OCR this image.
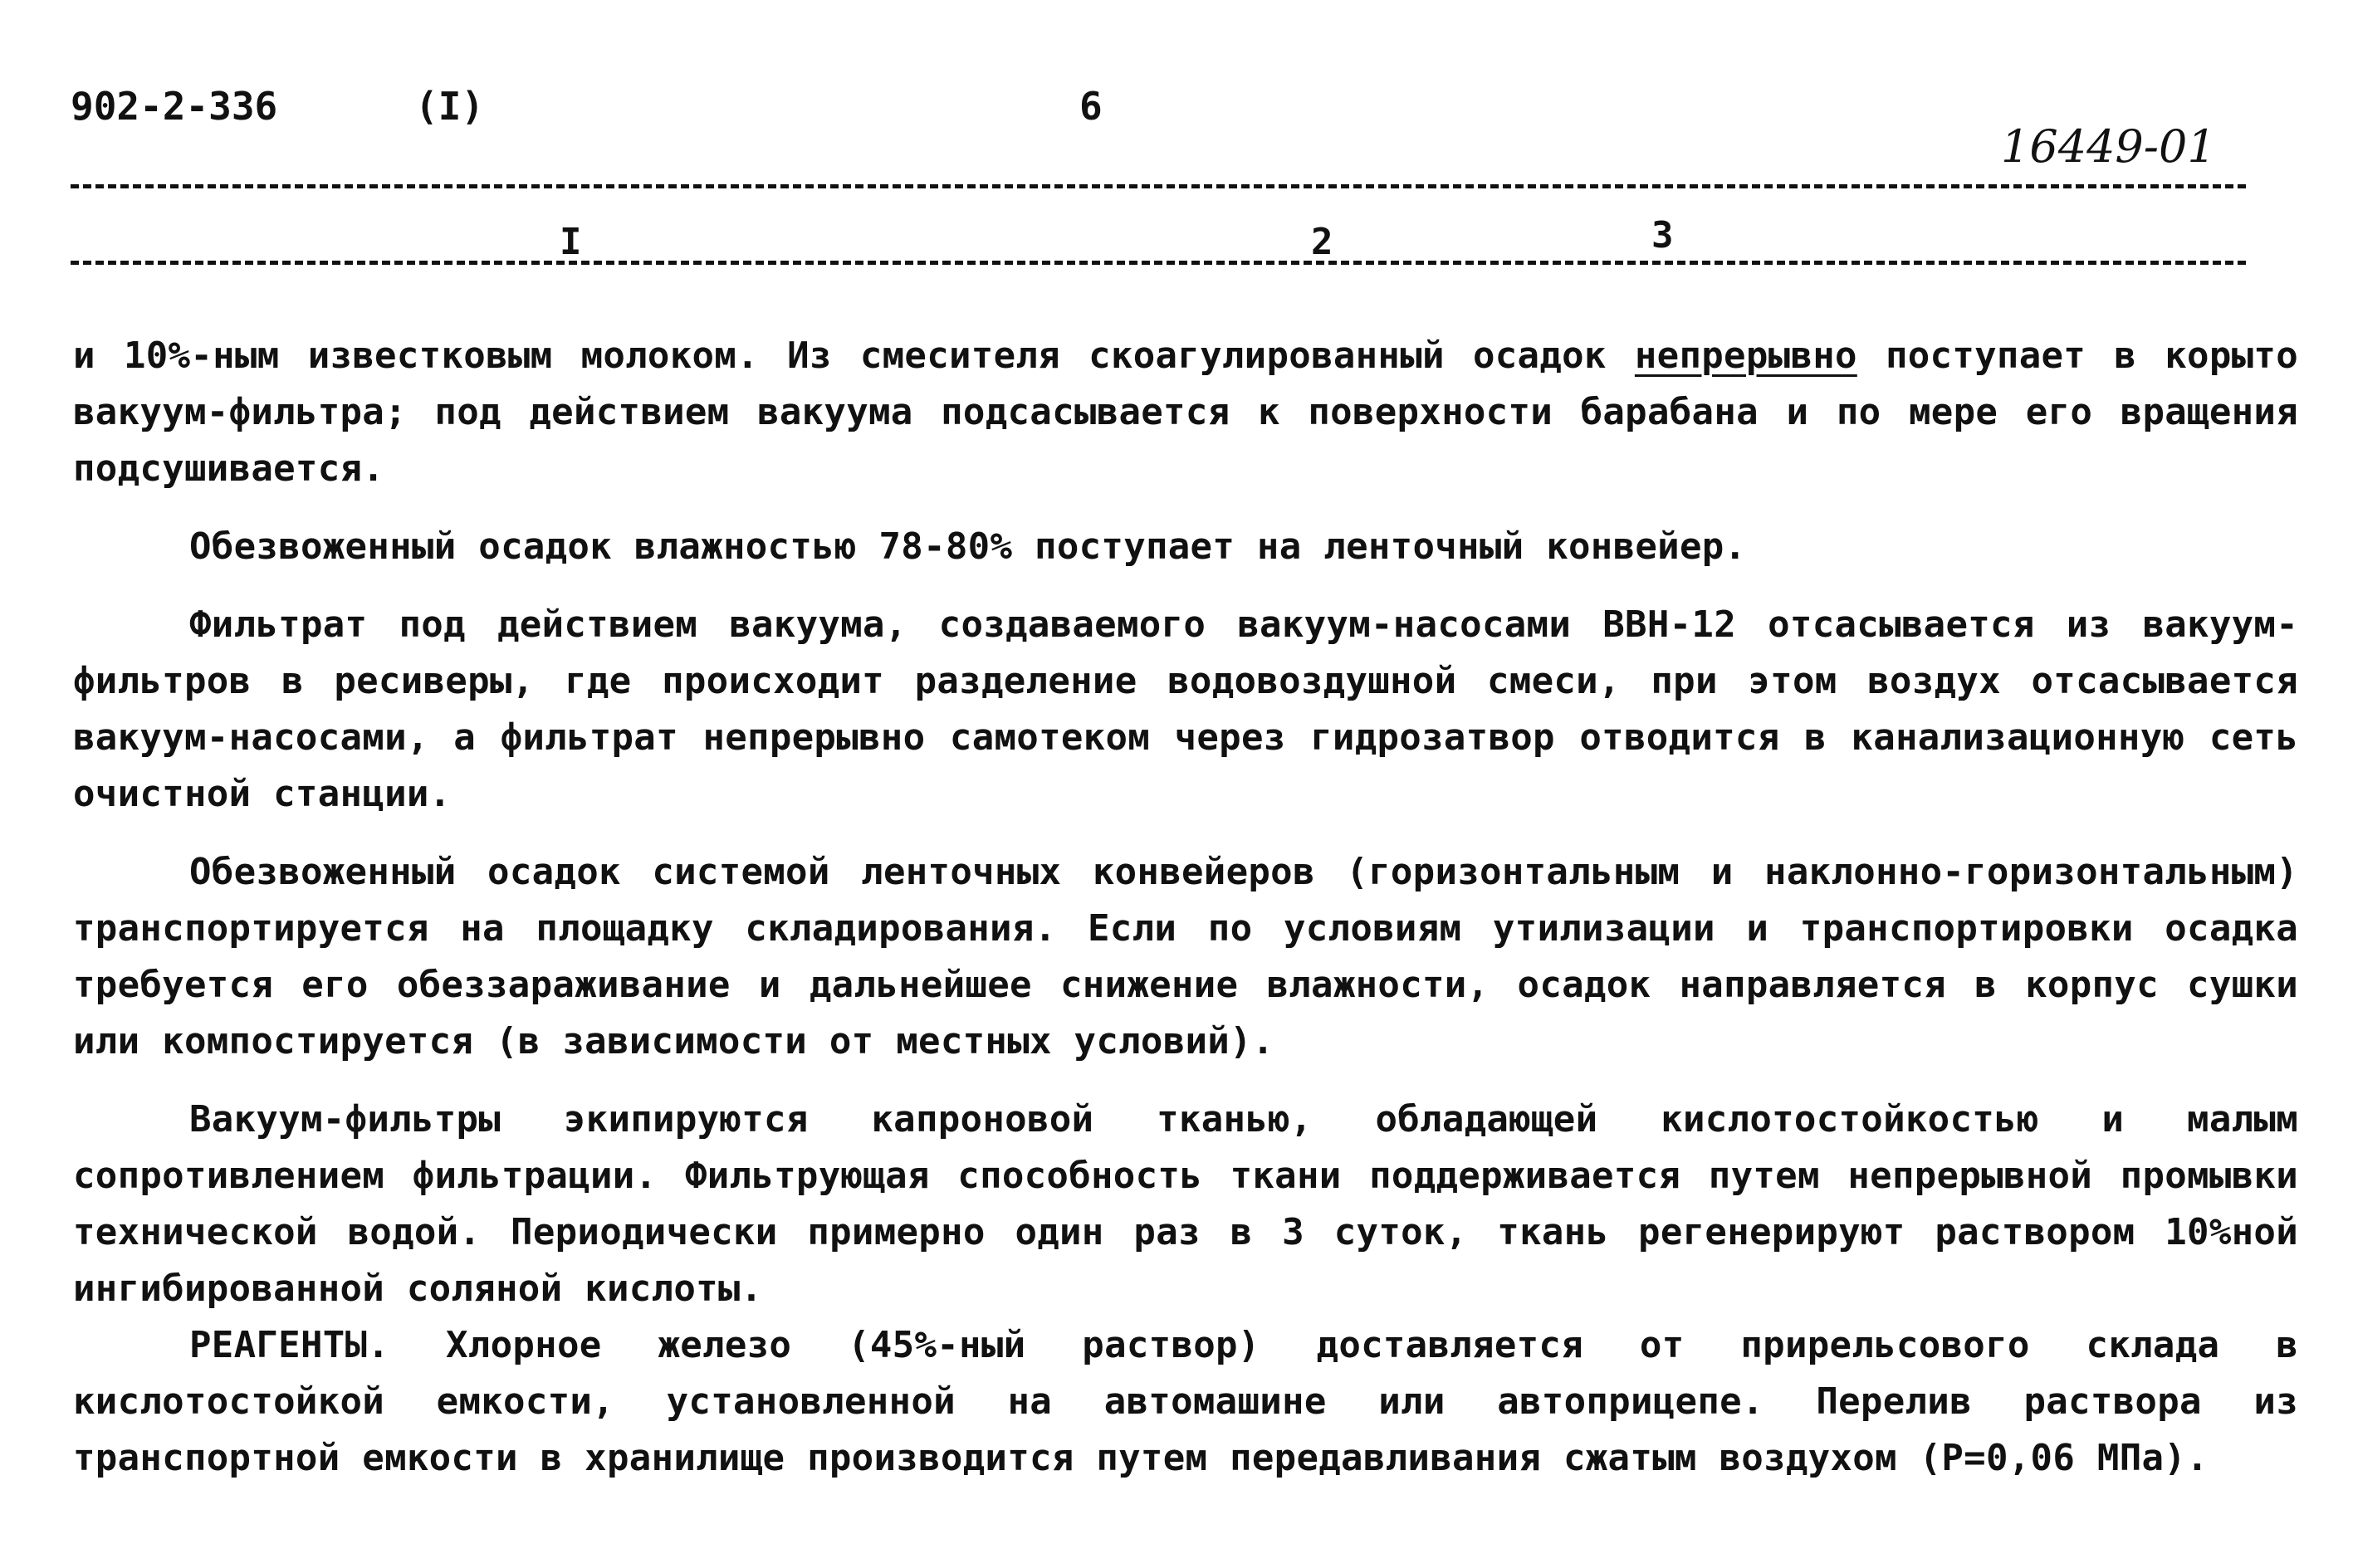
902-2-336	(I)	6
16449-01
I	2	3

и 10%-ным известковым молоком. Из смесителя скоагулированный осадок непрерывно поступает в корыто вакуум-фильтра; под действием вакуума подсасывается к поверхности барабана и по мере его вращения подсушивается.

Обезвоженный осадок влажностью 78-80% поступает на ленточный конвейер.

Фильтрат под действием вакуума, создаваемого вакуум-насосами ВВН-12 отсасывается из вакуум-фильтров в ресиверы, где происходит разделение водовоздушной смеси, при этом воздух отсасывается вакуум-насосами, а фильтрат непрерывно самотеком через гидрозатвор отводится в канализационную сеть очистной станции.

Обезвоженный осадок системой ленточных конвейеров (горизонтальным и наклонно-горизонтальным) транспортируется на площадку складирования. Если по условиям утилизации и транспортировки осадка требуется его обеззараживание и дальнейшее снижение влажности, осадок направляется в корпус сушки или компостируется (в зависимости от местных условий).

Вакуум-фильтры экипируются капроновой тканью, обладающей кислотостойкостью и малым сопротивлением фильтрации. Фильтрующая способность ткани поддерживается путем непрерывной промывки технической водой. Периодически примерно один раз в 3 суток, ткань регенерируют раствором 10%ной ингибированной соляной кислоты.

РЕАГЕНТЫ. Хлорное железо (45%-ный раствор) доставляется от прирельсового склада в кислотостойкой емкости, установленной на автомашине или автоприцепе. Перелив раствора из транспортной емкости в хранилище производится путем передавливания сжатым воздухом (Р=0,06 МПа).
